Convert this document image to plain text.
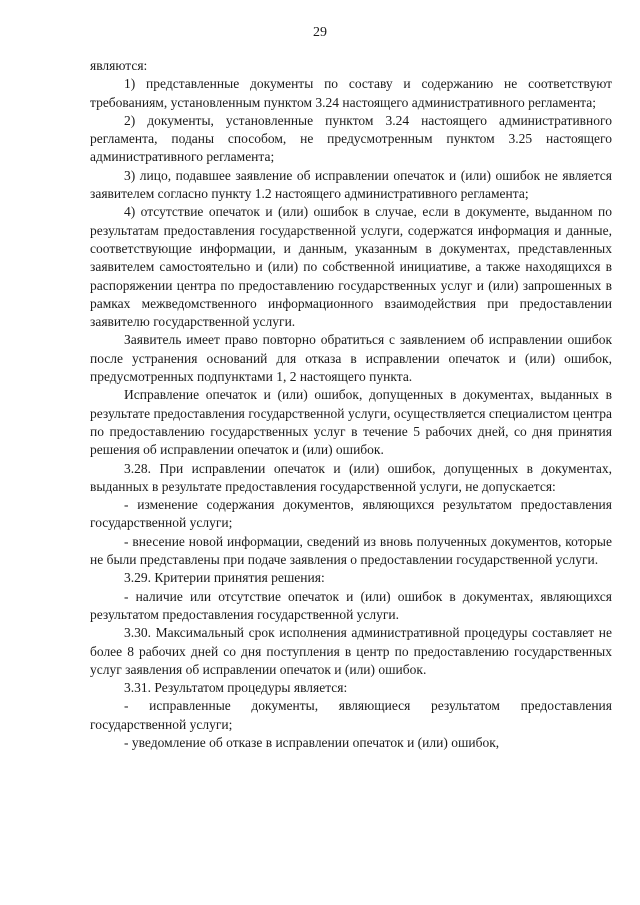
29

являются:

1) представленные документы по составу и содержанию не соответствуют требованиям, установленным пунктом 3.24 настоящего административного регламента;

2) документы, установленные пунктом 3.24 настоящего административного регламента, поданы способом, не предусмотренным пунктом 3.25 настоящего административного регламента;

3) лицо, подавшее заявление об исправлении опечаток и (или) ошибок не является заявителем согласно пункту 1.2 настоящего административного регламента;

4) отсутствие опечаток и (или) ошибок в случае, если в документе, выданном по результатам предоставления государственной услуги, содержатся информация и данные, соответствующие информации, и данным, указанным в документах, представленных заявителем самостоятельно и (или) по собственной инициативе, а также находящихся в распоряжении центра по предоставлению государственных услуг и (или) запрошенных в рамках межведомственного информационного взаимодействия при предоставлении заявителю государственной услуги.

Заявитель имеет право повторно обратиться с заявлением об исправлении ошибок после устранения оснований для отказа в исправлении опечаток и (или) ошибок, предусмотренных подпунктами 1, 2 настоящего пункта.

Исправление опечаток и (или) ошибок, допущенных в документах, выданных в результате предоставления государственной услуги, осуществляется специалистом центра по предоставлению государственных услуг в течение 5 рабочих дней, со дня принятия решения об исправлении опечаток и (или) ошибок.

3.28. При исправлении опечаток и (или) ошибок, допущенных в документах, выданных в результате предоставления государственной услуги, не допускается:

- изменение содержания документов, являющихся результатом предоставления государственной услуги;

- внесение новой информации, сведений из вновь полученных документов, которые не были представлены при подаче заявления о предоставлении государственной услуги.

3.29. Критерии принятия решения:

- наличие или отсутствие опечаток и (или) ошибок в документах, являющихся результатом предоставления государственной услуги.

3.30. Максимальный срок исполнения административной процедуры составляет не более 8 рабочих дней со дня поступления в центр по предоставлению государственных услуг заявления об исправлении опечаток и (или) ошибок.

3.31. Результатом процедуры является:

- исправленные документы, являющиеся результатом предоставления государственной услуги;

- уведомление об отказе в исправлении опечаток и (или) ошибок,
